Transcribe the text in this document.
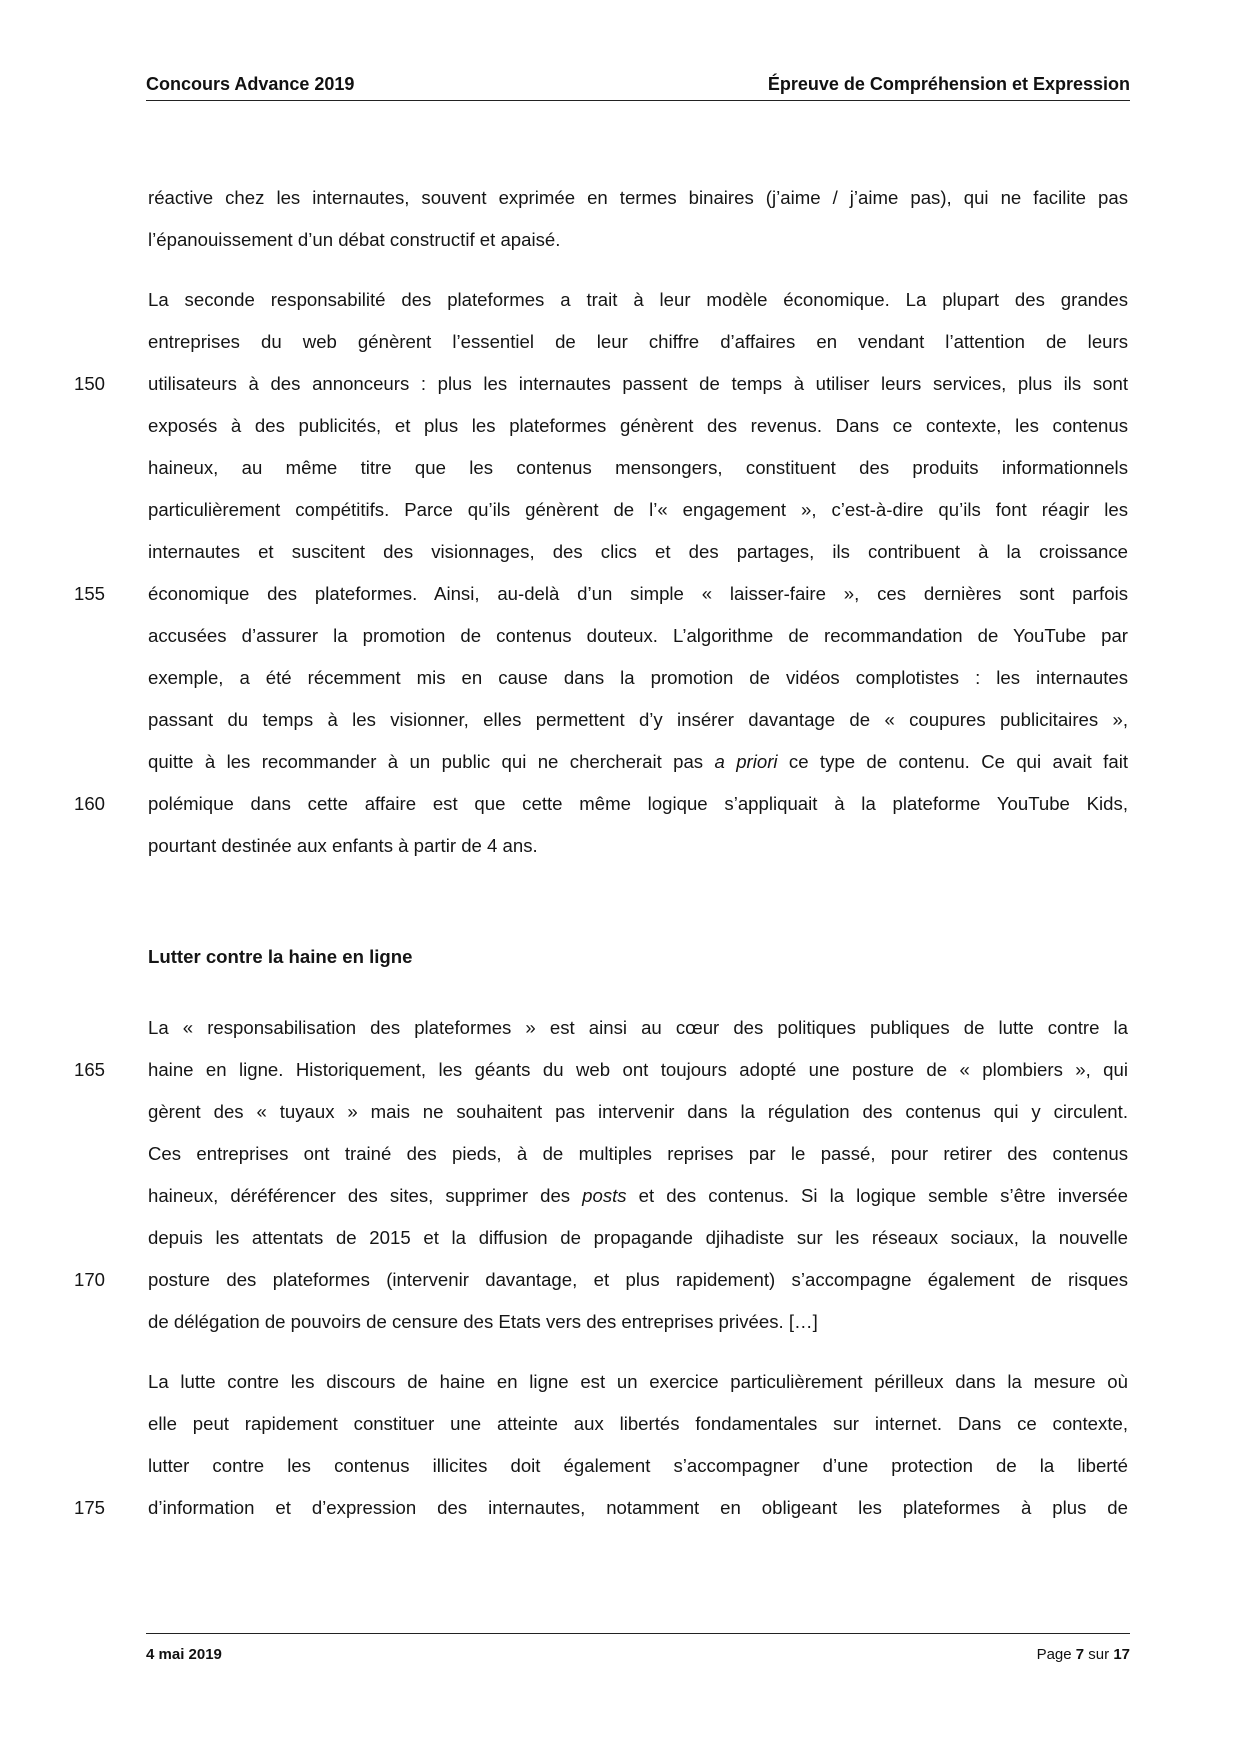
Concours Advance 2019	Épreuve de Compréhension et Expression
réactive chez les internautes, souvent exprimée en termes binaires (j’aime / j’aime pas), qui ne facilite pas
l’épanouissement d’un débat constructif et apaisé.
La seconde responsabilité des plateformes a trait à leur modèle économique. La plupart des grandes
entreprises du web génèrent l’essentiel de leur chiffre d’affaires en vendant l’attention de leurs
utilisateurs à des annonceurs : plus les internautes passent de temps à utiliser leurs services, plus ils sont
exposés à des publicités, et plus les plateformes génèrent des revenus. Dans ce contexte, les contenus
haineux, au même titre que les contenus mensongers, constituent des produits informationnels
particulièrement compétitifs. Parce qu’ils génèrent de l’« engagement », c’est-à-dire qu’ils font réagir les
internautes et suscitent des visionnages, des clics et des partages, ils contribuent à la croissance
économique des plateformes. Ainsi, au-delà d’un simple « laisser-faire », ces dernières sont parfois
accusées d’assurer la promotion de contenus douteux. L’algorithme de recommandation de YouTube par
exemple, a été récemment mis en cause dans la promotion de vidéos complotistes : les internautes
passant du temps à les visionner, elles permettent d’y insérer davantage de « coupures publicitaires »,
quitte à les recommander à un public qui ne chercherait pas a priori ce type de contenu. Ce qui avait fait
polémique dans cette affaire est que cette même logique s’appliquait à la plateforme YouTube Kids,
pourtant destinée aux enfants à partir de 4 ans.
Lutter contre la haine en ligne
La « responsabilisation des plateformes » est ainsi au cœur des politiques publiques de lutte contre la
haine en ligne. Historiquement, les géants du web ont toujours adopté une posture de « plombiers », qui
gèrent des « tuyaux » mais ne souhaitent pas intervenir dans la régulation des contenus qui y circulent.
Ces entreprises ont trainé des pieds, à de multiples reprises par le passé, pour retirer des contenus
haineux, déréférencer des sites, supprimer des posts et des contenus. Si la logique semble s’être inversée
depuis les attentats de 2015 et la diffusion de propagande djihadiste sur les réseaux sociaux, la nouvelle
posture des plateformes (intervenir davantage, et plus rapidement) s’accompagne également de risques
de délégation de pouvoirs de censure des Etats vers des entreprises privées. […]
La lutte contre les discours de haine en ligne est un exercice particulièrement périlleux dans la mesure où
elle peut rapidement constituer une atteinte aux libertés fondamentales sur internet. Dans ce contexte,
lutter contre les contenus illicites doit également s’accompagner d’une protection de la liberté
d’information et d’expression des internautes, notamment en obligeant les plateformes à plus de
150
155
160
165
170
175
4 mai 2019	Page 7 sur 17
